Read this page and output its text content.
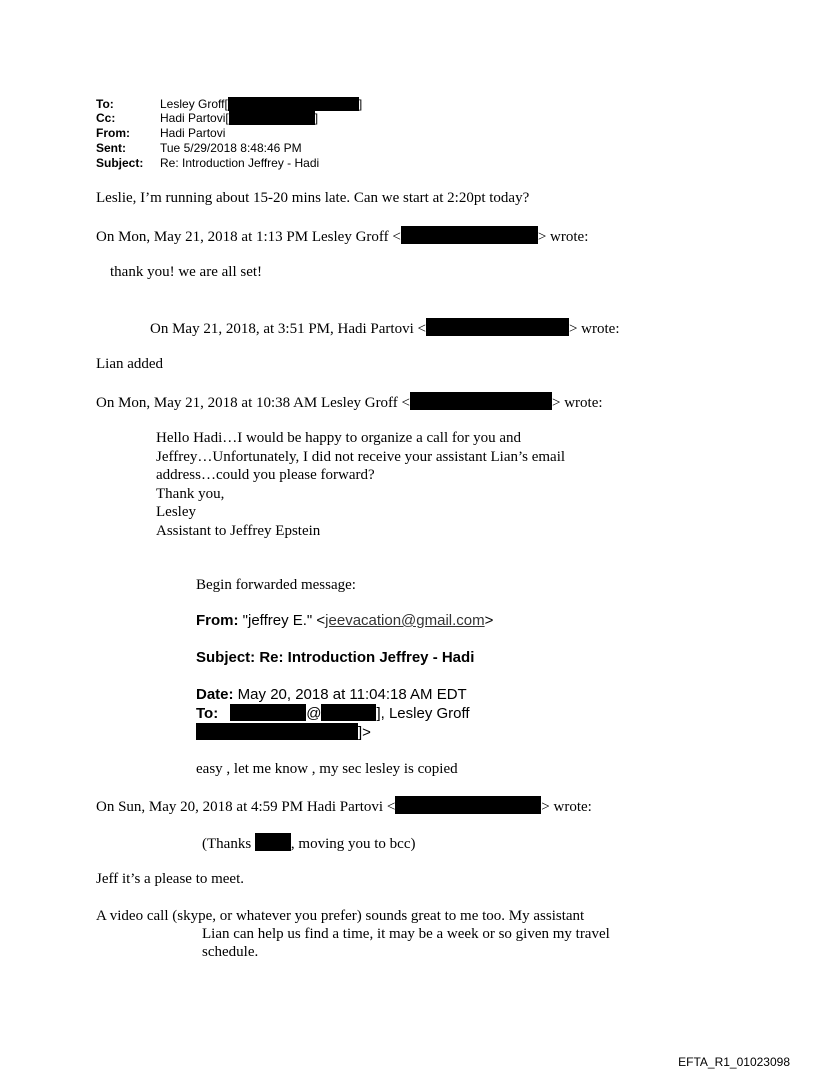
To:	Lesley Groff[	]
Cc:	Hadi Partovi[	]
From:	Hadi Partovi
Sent:	Tue 5/29/2018 8:48:46 PM
Subject: Re: Introduction Jeffrey - Hadi
Leslie, I’m running about 15-20 mins late. Can we start at 2:20pt today?
On Mon, May 21, 2018 at 1:13 PM Lesley Groff <	> wrote:
thank you! we are all set!
On May 21, 2018, at 3:51 PM, Hadi Partovi <	> wrote:
Lian added
On Mon, May 21, 2018 at 10:38 AM Lesley Groff <	> wrote:
Hello Hadi…I would be happy to organize a call for you and
Jeffrey…Unfortunately, I did not receive your assistant Lian’s email
address…could you please forward?
Thank you,
Lesley
Assistant to Jeffrey Epstein
Begin forwarded message:
From: "jeffrey E." <jeevacation@gmail.com>
Subject: Re: Introduction Jeffrey - Hadi
Date: May 20, 2018 at 11:04:18 AM EDT
To:	@	], Lesley Groff
]>
easy , let me know , my sec lesley is copied
On Sun, May 20, 2018 at 4:59 PM Hadi Partovi <	> wrote:
(Thanks , moving you to bcc)
Jeff it’s a please to meet.
A video call (skype, or whatever you prefer) sounds great to me too. My assistant
Lian can help us find a time, it may be a week or so given my travel
schedule.
EFTA_R1_01023098
